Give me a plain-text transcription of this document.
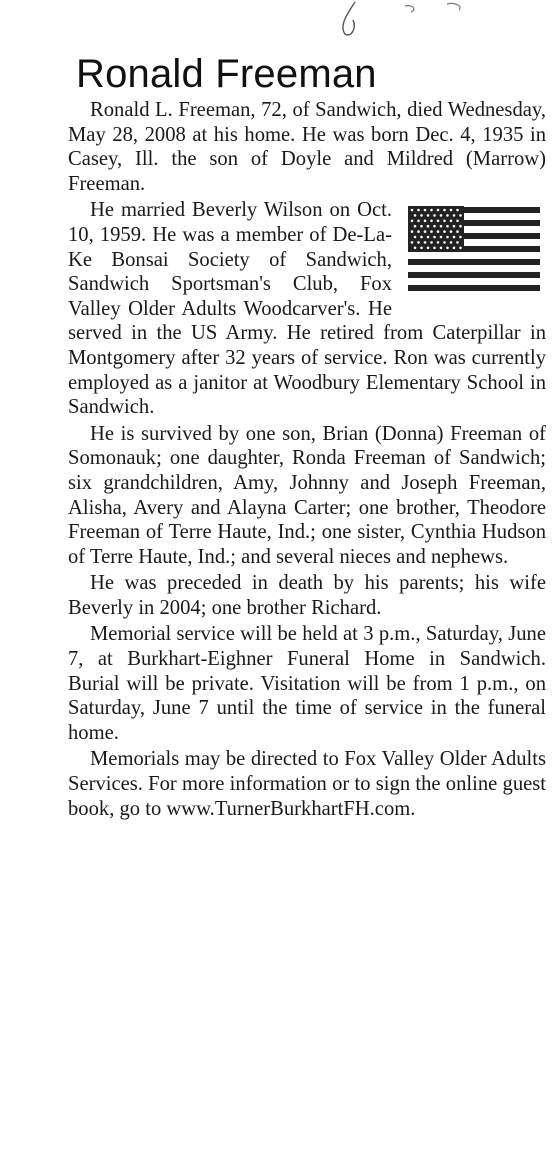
Ronald Freeman

Ronald L. Freeman, 72, of Sandwich, died Wednesday, May 28, 2008 at his home. He was born Dec. 4, 1935 in Casey, Ill. the son of Doyle and Mildred (Marrow) Freeman.

He married Beverly Wilson on Oct. 10, 1959. He was a member of De-La-Ke Bonsai Society of Sandwich, Sandwich Sportsman's Club, Fox Valley Older Adults Woodcarver's. He served in the US Army. He retired from Caterpillar in Montgomery after 32 years of service. Ron was currently employed as a janitor at Woodbury Elementary School in Sandwich.

He is survived by one son, Brian (Donna) Freeman of Somonauk; one daughter, Ronda Freeman of Sandwich; six grandchildren, Amy, Johnny and Joseph Freeman, Alisha, Avery and Alayna Carter; one brother, Theodore Freeman of Terre Haute, Ind.; one sister, Cynthia Hudson of Terre Haute, Ind.; and several nieces and nephews.

He was preceded in death by his parents; his wife Beverly in 2004; one brother Richard.

Memorial service will be held at 3 p.m., Saturday, June 7, at Burkhart-Eighner Funeral Home in Sandwich. Burial will be private. Visitation will be from 1 p.m., on Saturday, June 7 until the time of service in the funeral home.

Memorials may be directed to Fox Valley Older Adults Services. For more information or to sign the online guest book, go to www.TurnerBurkhartFH.com.
